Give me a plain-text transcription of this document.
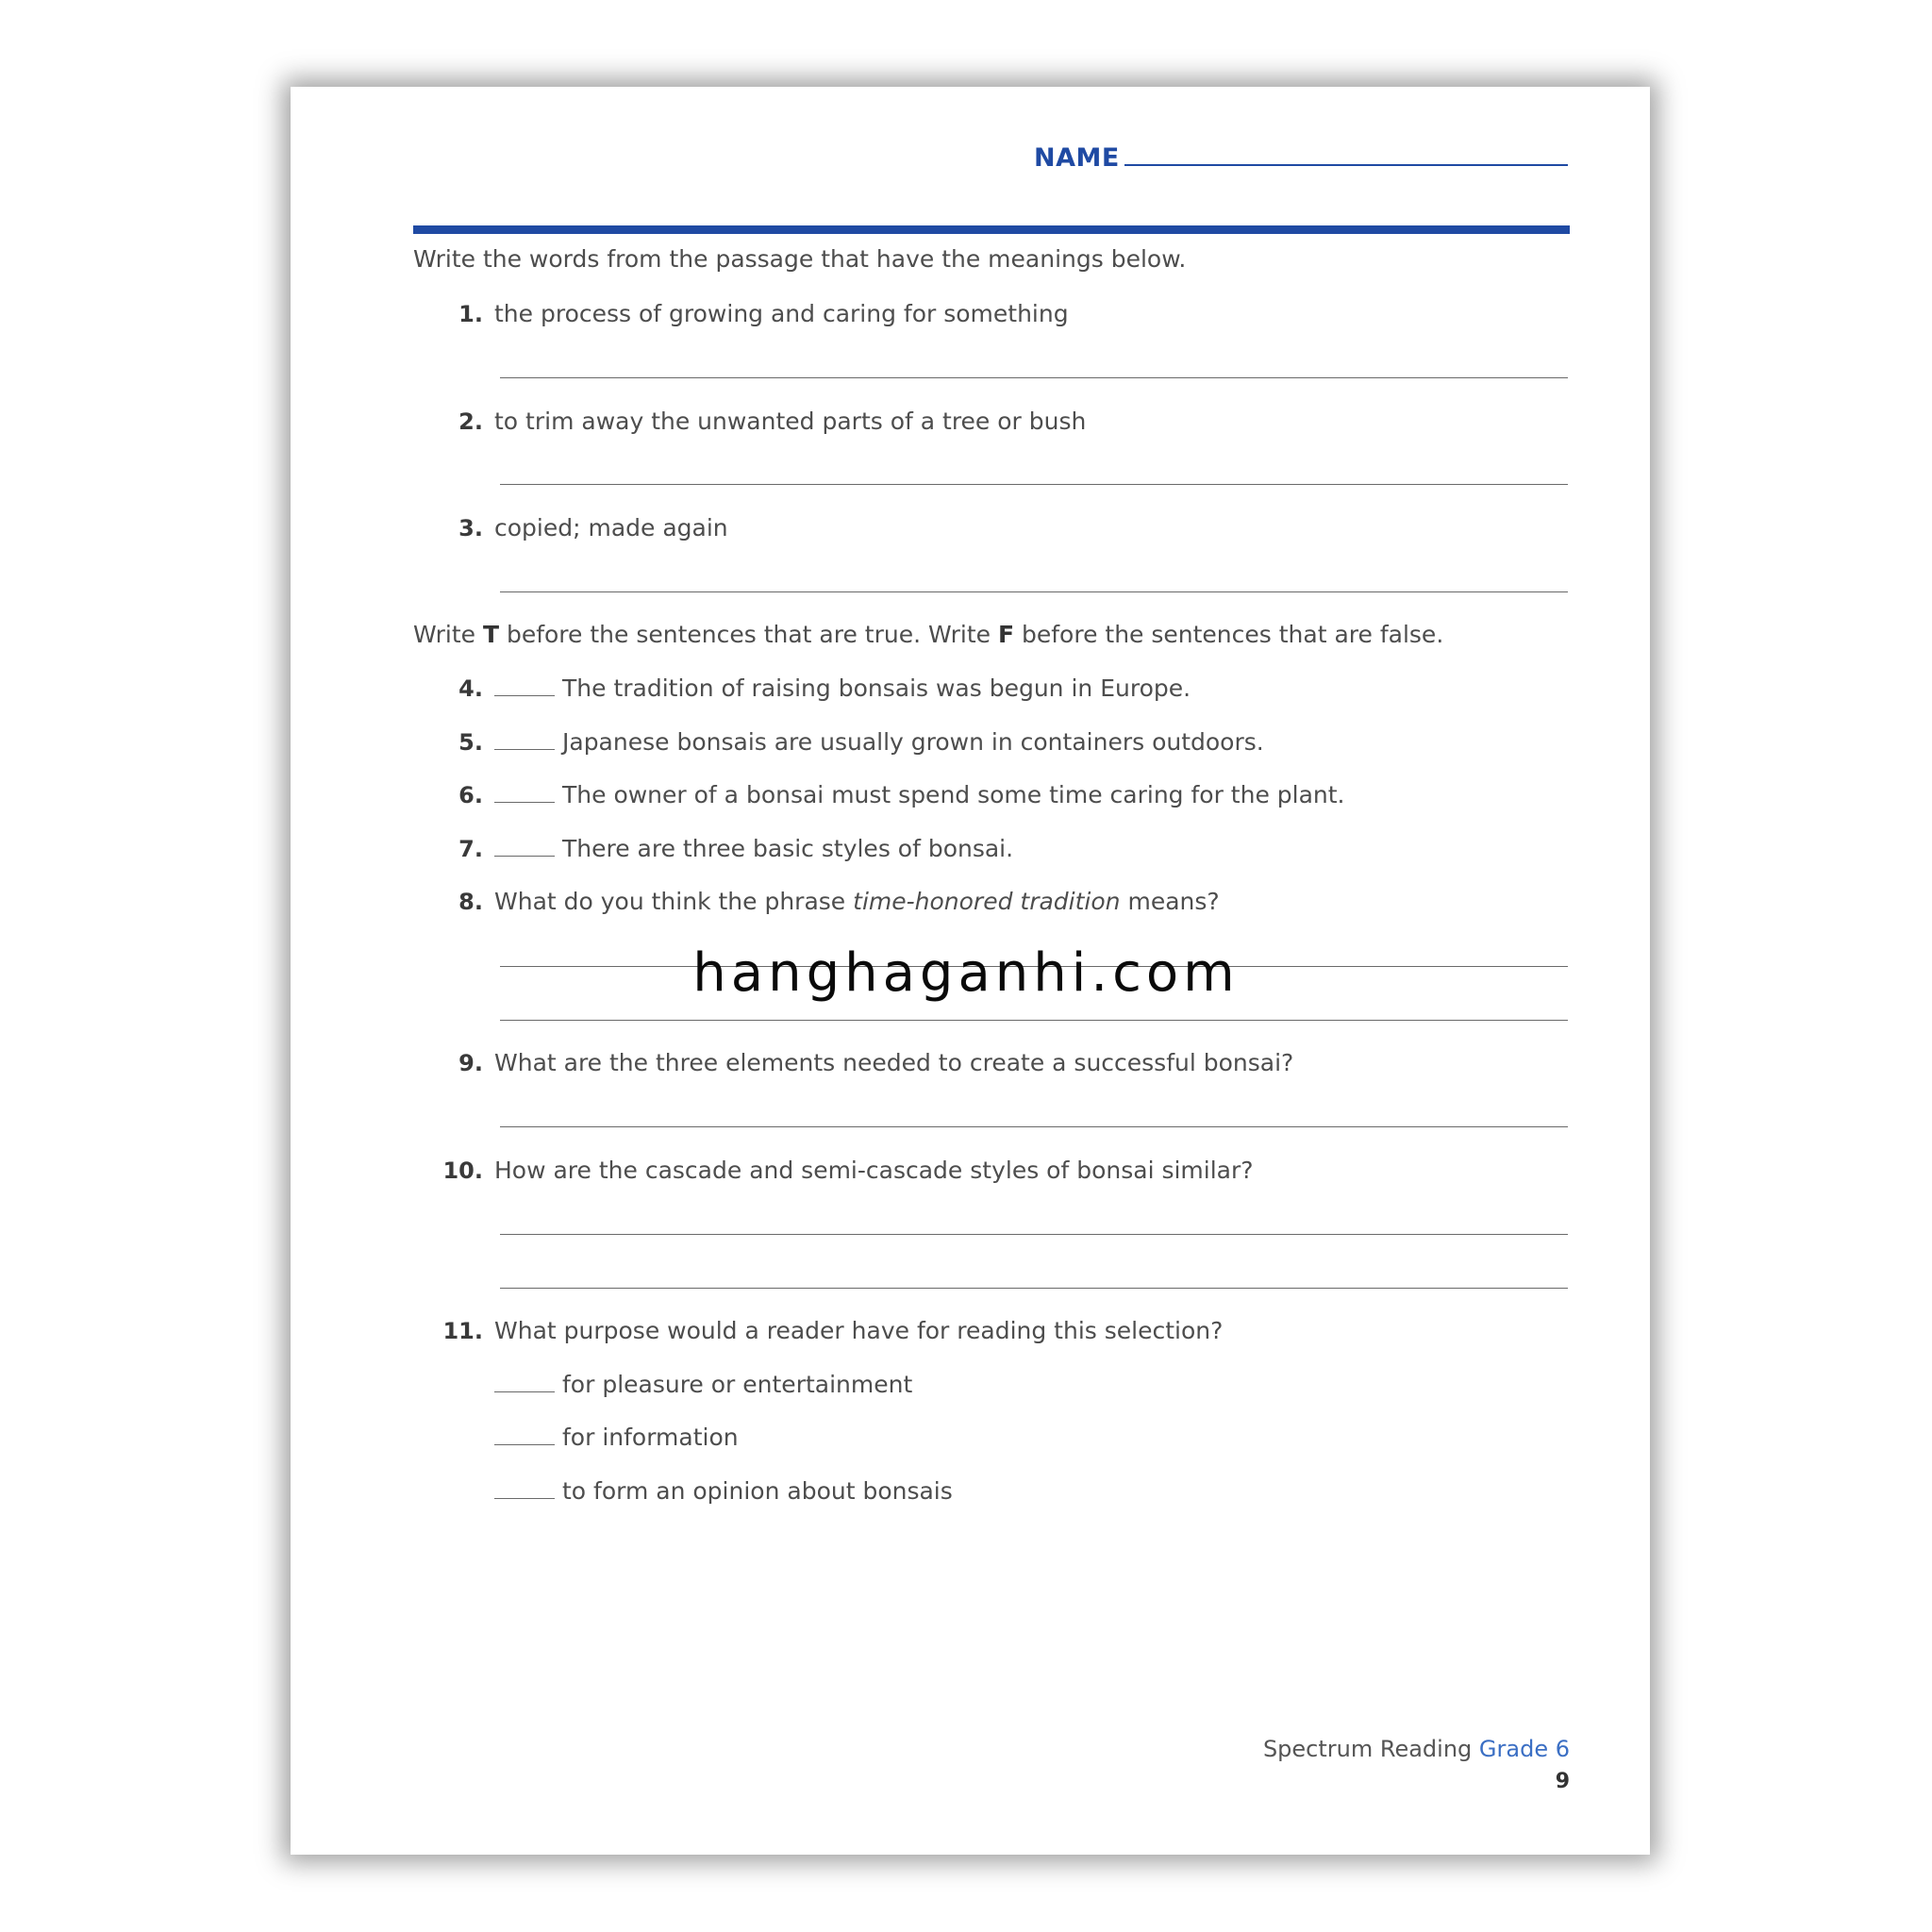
NAME
Write the words from the passage that have the meanings below.
1. the process of growing and caring for something
2. to trim away the unwanted parts of a tree or bush
3. copied; made again
Write T before the sentences that are true. Write F before the sentences that are false.
4.	The tradition of raising bonsais was begun in Europe.
5.	Japanese bonsais are usually grown in containers outdoors.
6.	The owner of a bonsai must spend some time caring for the plant.
7.	There are three basic styles of bonsai.
8. What do you think the phrase time-honored tradition means?
9. What are the three elements needed to create a successful bonsai?
10. How are the cascade and semi-cascade styles of bonsai similar?
11. What purpose would a reader have for reading this selection?
for pleasure or entertainment
for information
to form an opinion about bonsais
hanghaganhi.com
Spectrum Reading Grade 6
9
